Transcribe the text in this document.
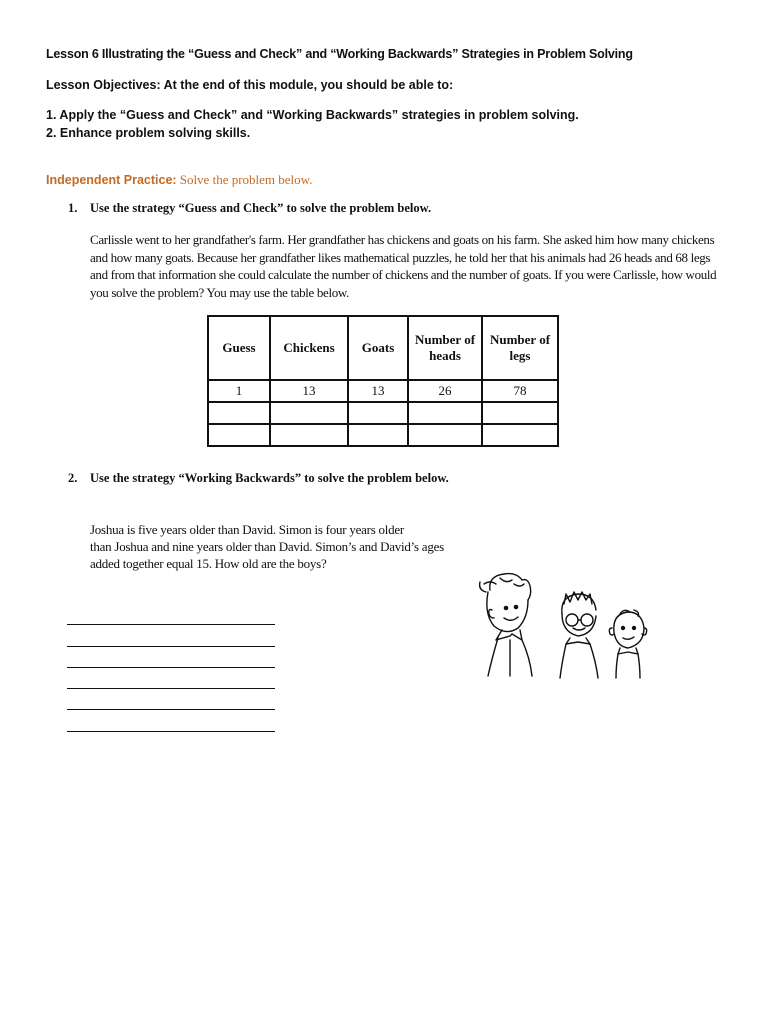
Lesson 6 Illustrating the “Guess and Check” and “Working Backwards” Strategies in Problem Solving
Lesson Objectives: At the end of this module, you should be able to:
1. Apply the “Guess and Check” and “Working Backwards” strategies in problem solving.
2. Enhance problem solving skills.
Independent Practice: Solve the problem below.
1. Use the strategy “Guess and Check” to solve the problem below.
Carlissle went to her grandfather's farm. Her grandfather has chickens and goats on his farm. She asked him how many chickens and how many goats. Because her grandfather likes mathematical puzzles, he told her that his animals had 26 heads and 68 legs and from that information she could calculate the number of chickens and the number of goats. If you were Carlissle, how would you solve the problem? You may use the table below.
Guess	Chickens	Goats	Number of heads	Number of legs
1	13	13	26	78

2. Use the strategy “Working Backwards” to solve the problem below.
Joshua is five years older than David. Simon is four years older
than Joshua and nine years older than David. Simon’s and David’s ages
added together equal 15. How old are the boys?
